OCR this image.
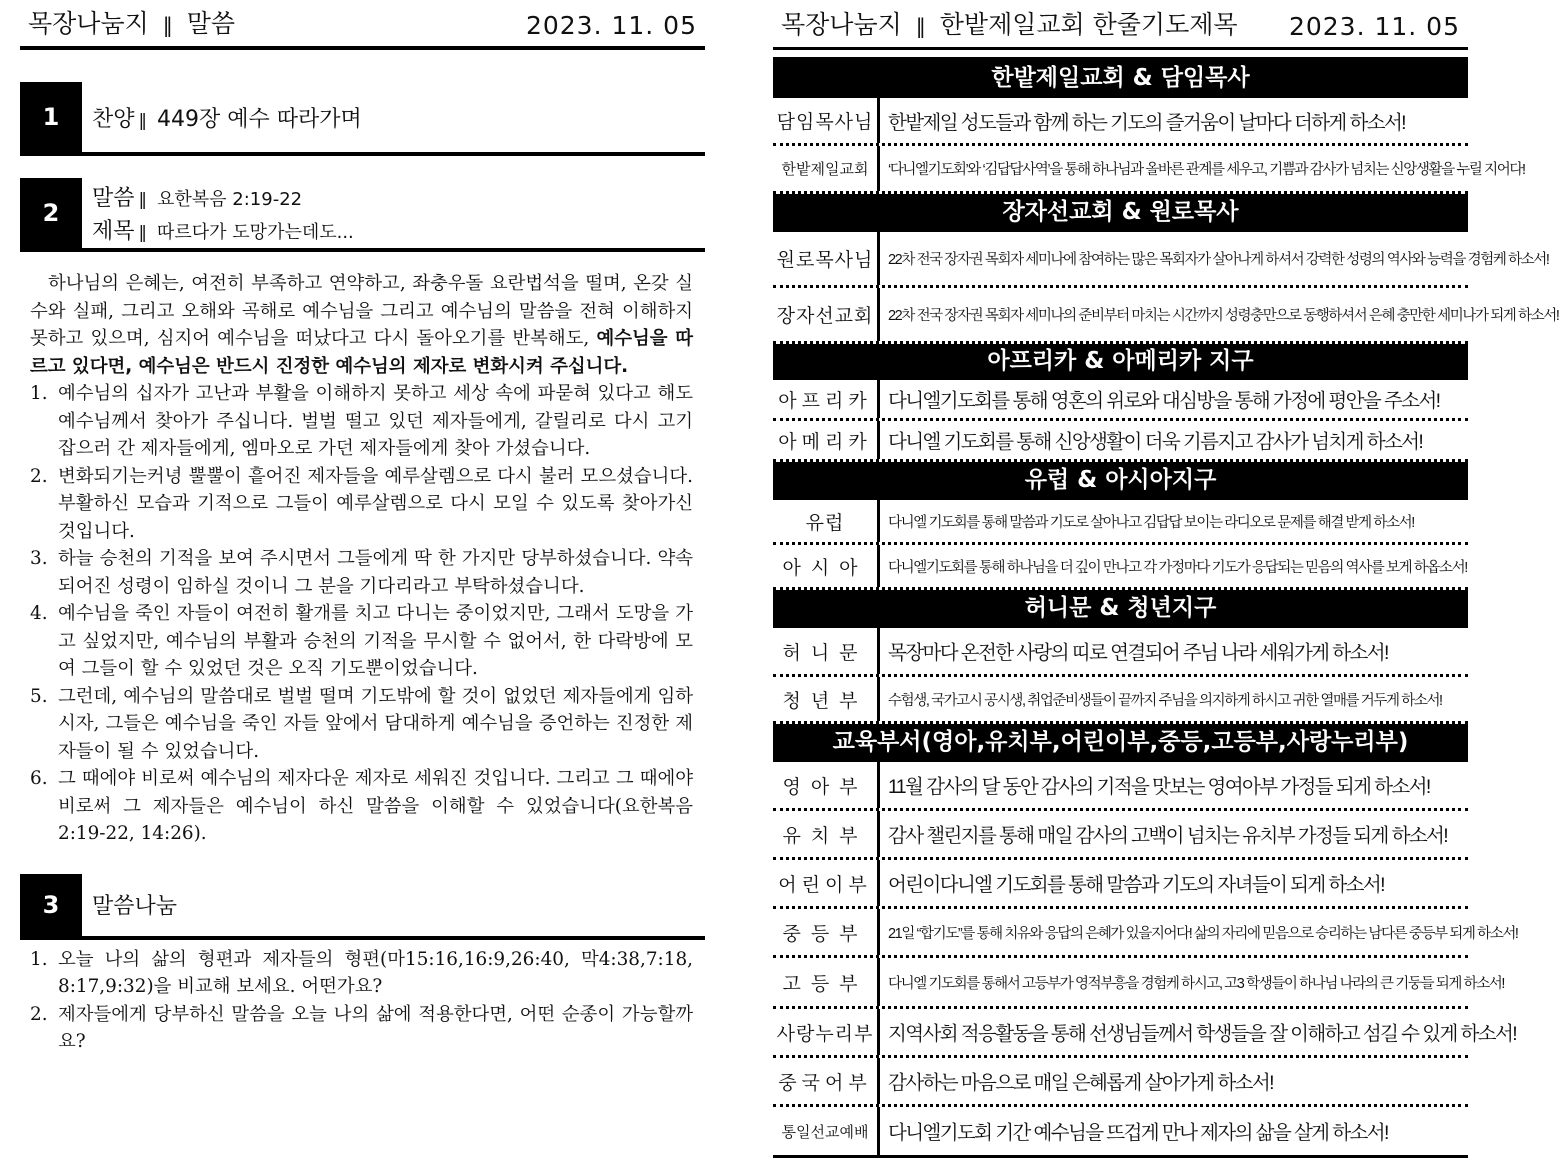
목장나눔지 ‖ 말씀	2023. 11. 05
1	찬양 ‖ 449장 예수 따라가며
2
말씀 ‖ 요한복음 2:19-22
제목 ‖ 따르다가 도망가는데도...

하나님의 은혜는, 여전히 부족하고 연약하고, 좌충우돌 요란법석을 떨며, 온갖 실수와 실패, 그리고 오해와 곡해로 예수님을 그리고 예수님의 말씀을 전혀 이해하지 못하고 있으며, 심지어 예수님을 떠났다고 다시 돌아오기를 반복해도, 예수님을 따르고 있다면, 예수님은 반드시 진정한 예수님의 제자로 변화시켜 주십니다.

1. 예수님의 십자가 고난과 부활을 이해하지 못하고 세상 속에 파묻혀 있다고 해도 예수님께서 찾아가 주십니다. 벌벌 떨고 있던 제자들에게, 갈릴리로 다시 고기 잡으러 간 제자들에게, 엠마오로 가던 제자들에게 찾아 가셨습니다.
2. 변화되기는커녕 뿔뿔이 흩어진 제자들을 예루살렘으로 다시 불러 모으셨습니다. 부활하신 모습과 기적으로 그들이 예루살렘으로 다시 모일 수 있도록 찾아가신 것입니다.
3. 하늘 승천의 기적을 보여 주시면서 그들에게 딱 한 가지만 당부하셨습니다. 약속되어진 성령이 임하실 것이니 그 분을 기다리라고 부탁하셨습니다.
4. 예수님을 죽인 자들이 여전히 활개를 치고 다니는 중이었지만, 그래서 도망을 가고 싶었지만, 예수님의 부활과 승천의 기적을 무시할 수 없어서, 한 다락방에 모여 그들이 할 수 있었던 것은 오직 기도뿐이었습니다.
5. 그런데, 예수님의 말씀대로 벌벌 떨며 기도밖에 할 것이 없었던 제자들에게 임하시자, 그들은 예수님을 죽인 자들 앞에서 담대하게 예수님을 증언하는 진정한 제자들이 될 수 있었습니다.
6. 그 때에야 비로써 예수님의 제자다운 제자로 세워진 것입니다. 그리고 그 때에야 비로써 그 제자들은 예수님이 하신 말씀을 이해할 수 있었습니다(요한복음 2:19-22, 14:26).
3	말씀나눔
1. 오늘 나의 삶의 형편과 제자들의 형편(마15:16,16:9,26:40, 막4:38,7:18, 8:17,9:32)을 비교해 보세요. 어떤가요?
2. 제자들에게 당부하신 말씀을 오늘 나의 삶에 적용한다면, 어떤 순종이 가능할까요?
목장나눔지 ‖ 한밭제일교회 한줄기도제목 2023. 11. 05
한밭제일교회 & 담임목사
담임목사님 한밭제일 성도들과 함께 하는 기도의 즐거움이 날마다 더하게 하소서!
한밭제일교회	‘다니엘기도회’와 ‘김답답사역’을 통해 하나님과 올바른 관계를 세우고, 기쁨과 감사가 넘치는 신앙생활을 누릴 지어다!
장자선교회 & 원로목사
원로목사님	22차 전국 장자권 목회자 세미나에 참여하는 많은 목회자가 살아나게 하셔서 강력한 성령의 역사와 능력을 경험케 하소서!
장자선교회	22차 전국 장자권 목회자 세미나의 준비부터 마치는 시간까지 성령충만으로 동행하셔서 은혜 충만한 세미나가 되게 하소서!
아프리카 & 아메리카 지구
아프리카 다니엘기도회를 통해 영혼의 위로와 대심방을 통해 가정에 평안을 주소서!
아메리카 다니엘 기도회를 통해 신앙생활이 더욱 기름지고 감사가 넘치게 하소서!
유럽 & 아시아지구
유럽	다니엘 기도회를 통해 말씀과 기도로 살아나고 김답답 보이는 라디오로 문제를 해결 받게 하소서!
아시아	다니엘기도회를 통해 하나님을 더 깊이 만나고 각 가정마다 기도가 응답되는 믿음의 역사를 보게 하옵소서!
허니문 & 청년지구
허니문	목장마다 온전한 사랑의 띠로 연결되어 주님 나라 세워가게 하소서!
청년부	수험생, 국가고시 공시생, 취업준비생들이 끝까지 주님을 의지하게 하시고 귀한 열매를 거두게 하소서!
교육부서(영아,유치부,어린이부,중등,고등부,사랑누리부)
영아부	11월 감사의 달 동안 감사의 기적을 맛보는 영여아부 가정들 되게 하소서!
유치부	감사 챌린지를 통해 매일 감사의 고백이 넘치는 유치부 가정들 되게 하소서!
어린이부 어린이다니엘 기도회를 통해 말씀과 기도의 자녀들이 되게 하소서!
중등부	21일 “합기도”를 통해 치유와 응답의 은혜가 있을지어다! 삶의 자리에 믿음으로 승리하는 남다른 중등부 되게 하소서!
고등부	다니엘 기도회를 통해서 고등부가 영적부흥을 경험케 하시고, 고3 학생들이 하나님 나라의 큰 기둥들 되게 하소서!
사랑누리부 지역사회 적응활동을 통해 선생님들께서 학생들을 잘 이해하고 섬길 수 있게 하소서!
중국어부 감사하는 마음으로 매일 은혜롭게 살아가게 하소서!
통일선교예배	다니엘기도회 기간 예수님을 뜨겁게 만나 제자의 삶을 살게 하소서!
